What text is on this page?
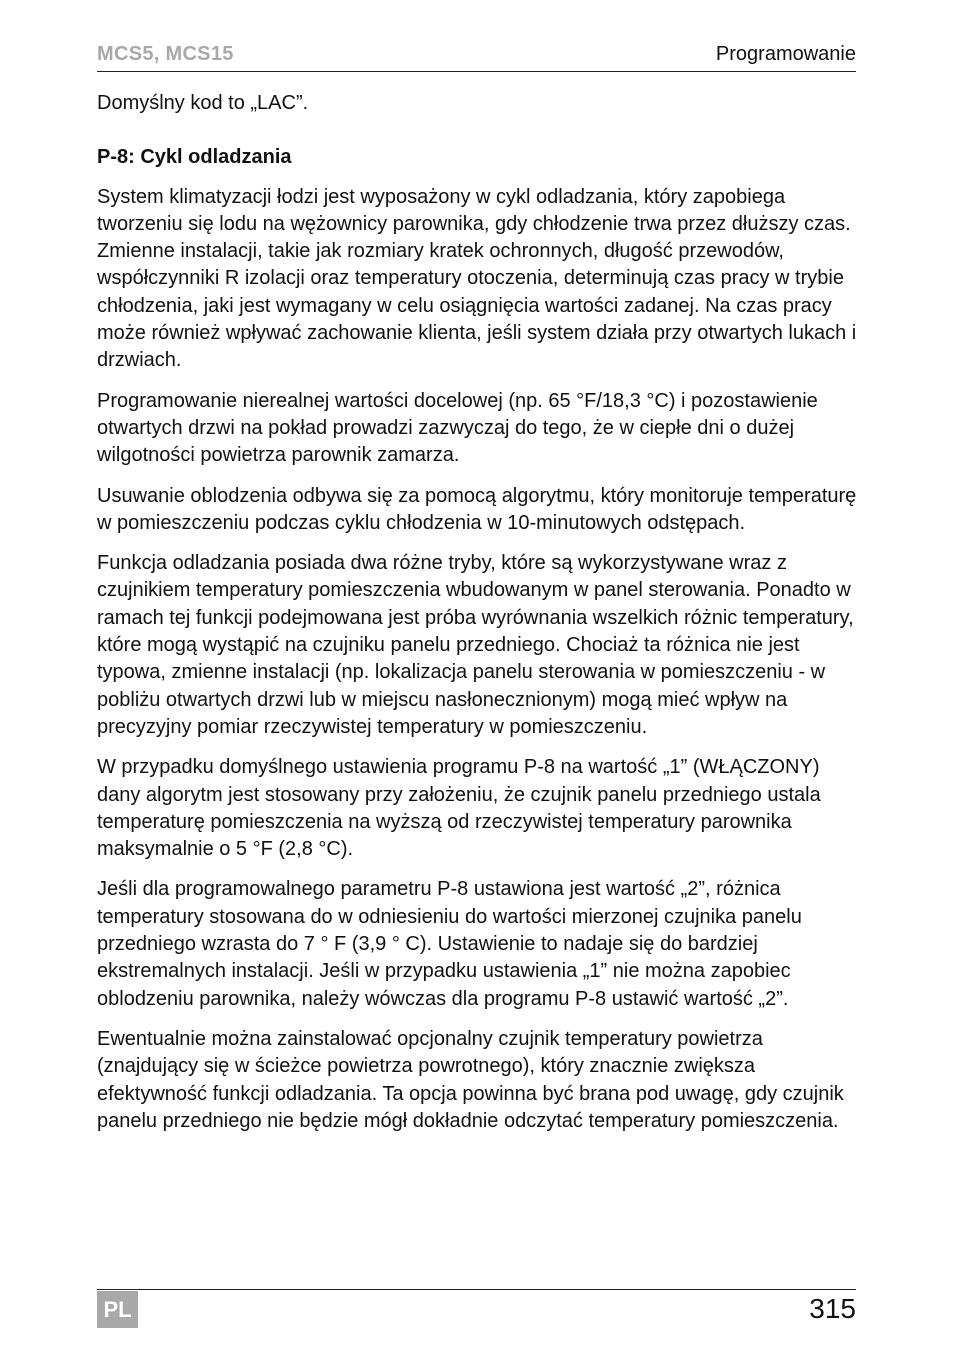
MCS5, MCS15	Programowanie

Domyślny kod to „LAC”.

P-8: Cykl odladzania

System klimatyzacji łodzi jest wyposażony w cykl odladzania, który zapobiega tworzeniu się lodu na wężownicy parownika, gdy chłodzenie trwa przez dłuższy czas. Zmienne instalacji, takie jak rozmiary kratek ochronnych, długość przewodów, współczynniki R izolacji oraz temperatury otoczenia, determinują czas pracy w trybie chłodzenia, jaki jest wymagany w celu osiągnięcia wartości zadanej. Na czas pracy może również wpływać zachowanie klienta, jeśli system działa przy otwartych lukach i drzwiach.

Programowanie nierealnej wartości docelowej (np. 65 °F/18,3 °C) i pozostawienie otwartych drzwi na pokład prowadzi zazwyczaj do tego, że w ciepłe dni o dużej wilgotności powietrza parownik zamarza.

Usuwanie oblodzenia odbywa się za pomocą algorytmu, który monitoruje temperaturę w pomieszczeniu podczas cyklu chłodzenia w 10-minutowych odstępach.

Funkcja odladzania posiada dwa różne tryby, które są wykorzystywane wraz z czujnikiem temperatury pomieszczenia wbudowanym w panel sterowania. Ponadto w ramach tej funkcji podejmowana jest próba wyrównania wszelkich różnic temperatury, które mogą wystąpić na czujniku panelu przedniego. Chociaż ta różnica nie jest typowa, zmienne instalacji (np. lokalizacja panelu sterowania w pomieszczeniu - w pobliżu otwartych drzwi lub w miejscu nasłonecznionym) mogą mieć wpływ na precyzyjny pomiar rzeczywistej temperatury w pomieszczeniu.

W przypadku domyślnego ustawienia programu P-8 na wartość „1” (WŁĄCZONY) dany algorytm jest stosowany przy założeniu, że czujnik panelu przedniego ustala temperaturę pomieszczenia na wyższą od rzeczywistej temperatury parownika maksymalnie o 5 °F (2,8 °C).

Jeśli dla programowalnego parametru P-8 ustawiona jest wartość „2”, różnica temperatury stosowana do w odniesieniu do wartości mierzonej czujnika panelu przedniego wzrasta do 7 ° F (3,9 ° C). Ustawienie to nadaje się do bardziej ekstremalnych instalacji. Jeśli w przypadku ustawienia „1” nie można zapobiec oblodzeniu parownika, należy wówczas dla programu P-8 ustawić wartość „2”.

Ewentualnie można zainstalować opcjonalny czujnik temperatury powietrza (znajdujący się w ścieżce powietrza powrotnego), który znacznie zwiększa efektywność funkcji odladzania. Ta opcja powinna być brana pod uwagę, gdy czujnik panelu przedniego nie będzie mógł dokładnie odczytać temperatury pomieszczenia.

PL	315
